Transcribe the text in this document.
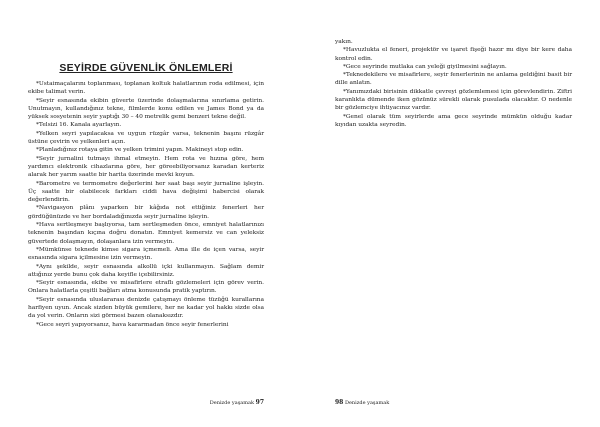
SEYİRDE GÜVENLİK ÖNLEMLERİ

*Ustaimaçalarını toplanması, toplanan koltuk halatlarının roda edilmesi, için ekibe talimat verin.

*Seyir esnasında ekibin güverte üzerinde dolaşmalarına sınırlama getirin. Unutmayın, kullandığınız tekne, filmlerde konu edilen ve James Bond ya da yüksek sosyetenin seyir yaptığı 30 – 40 metrelik gemi benzeri tekne değil.

*Telsizi 16. Kanala ayarlayın.

*Yelken seyri yapılacaksa ve uygun rüzgâr varsa, teknenin başını rüzgâr üstüne çevirin ve yelkenleri açın.

*Planladığınız rotaya gitin ve yelken trimini yapın. Makineyi stop edin.

*Seyir jurnalini tutmayı ihmal etmeyin. Hem rota ve hızına göre, hem yardımcı elektronik cihazlarına göre, her göreebiliyorsanız karadan kerteriz alarak her yarım saatte bir harita üzerinde mevki koyun.

*Barometre ve termometre değerlerini her saat başı seyir jurnaline işleyin. Üç saatte bir olabilecek farkları ciddi hava değişimi habercisi olarak değerlendirin.

*Navigasyon plânı yaparken bir kâğıda not ettiğiniz fenerleri her gördüğünüzde ve her bordaladığınızda seyir jurnaline işleyin.

*Hava sertleşmeye başlıyorsa, tam sertleşmeden önce, emniyet halatlarınızı teknenin başından kıçına doğru donatın. Emniyet kemersiz ve can yeleksiz güvertede dolaşmayın, dolaşanlara izin vermeyin.

*Mümkünse teknede kimse sigara içmemeli. Ama ille de içen varsa, seyir esnasında sigara içilmesine izin vermeyin.

*Aynı şekilde, seyir esnasında alkollü içki kullanmayın. Sağlam demir attığınız yerde bunu çok daha keyifle içebilirsiniz.

*Seyir esnasında, ekibe ve misafirlere etraflı gözlemeleri için görev verin. Onlara halatlarla çeşitli bağları atma konusunda pratik yaptırın.

*Seyir esnasında uluslararası denizde çatışmayı önleme tüzüğü kurallarına harfiyen uyun. Ancak sizden büyük gemilere, her ne kadar yol hakkı sizde olsa da yol verin. Onların sizi görmesi bazen olanaksızdır.

*Gece seyri yapıyorsanız, hava kararmadan önce seyir fenerlerini

Denizde yaşamak 97

yakın.

*Havuzlukta el feneri, projektör ve işaret fişeği hazır mı diye bir kere daha kontrol edin.

*Gece seyrinde mutlaka can yeleği giyilmesini sağlayın.

*Teknedekilere ve misafirlere, seyir fenerlerinin ne anlama geldiğini basit bir dille anlatın.

*Yanımızdaki birisinin dikkatle çevreyi gözlemlemesi için görevlendirin. Ziftri karanlıkta dümende iken gözünüz sürekli olarak pusulada olacaktır. O nedenle bir gözlemciye ihtiyacınız vardır.

*Genel olarak tüm seyirlerde ama gece seyrinde mümkün olduğu kadar kıyıdan uzakta seyredin.

98 Denizde yaşamak
